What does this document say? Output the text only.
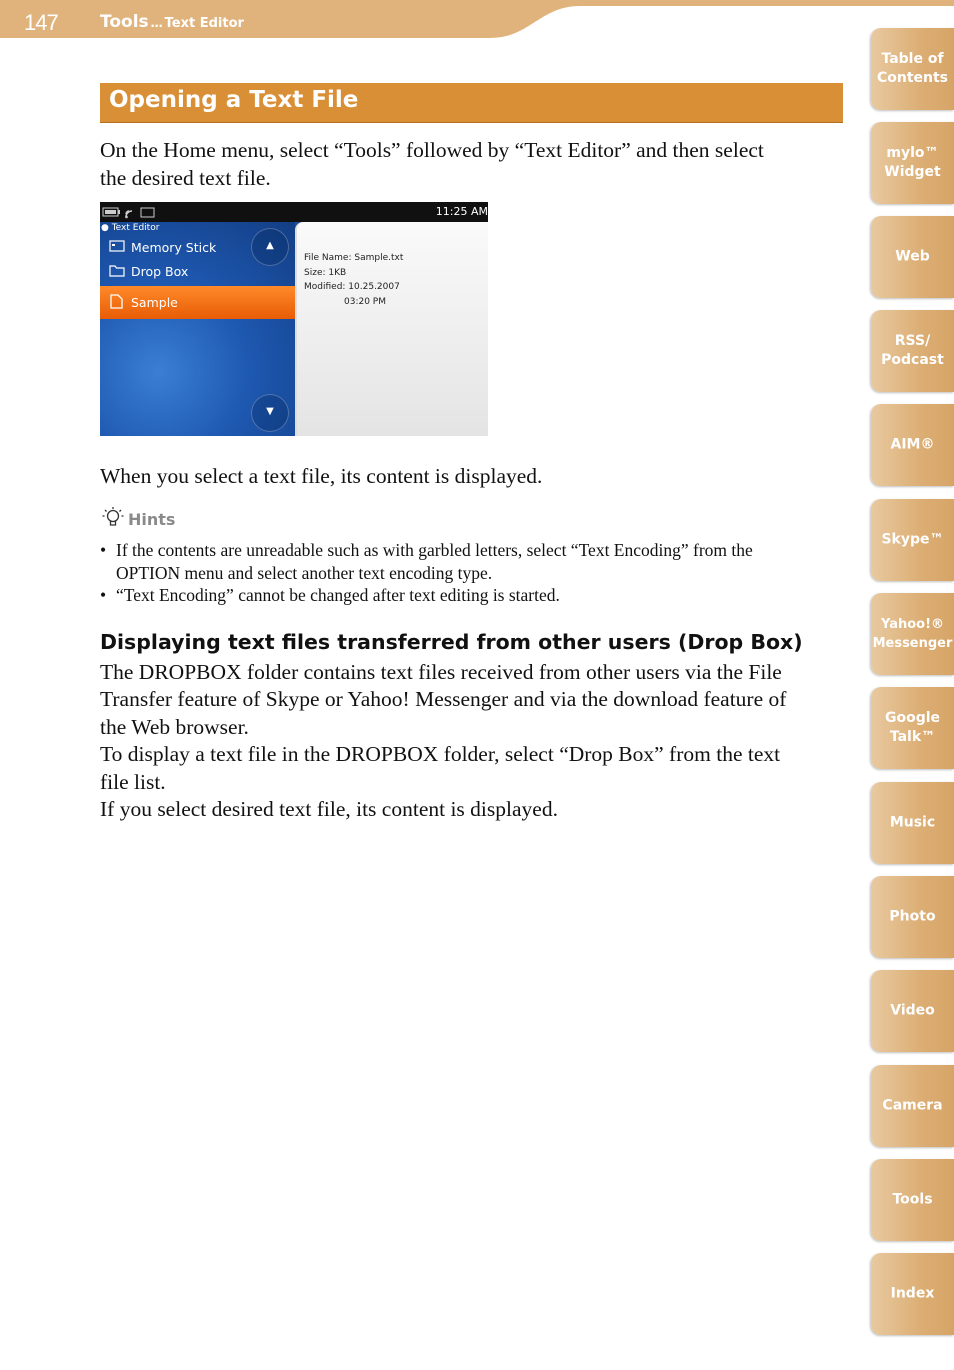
147 Tools … Text Editor
Opening a Text File
On the Home menu, select “Tools” followed by “Text Editor” and then select
the desired text file.
11:25 AM
● Text Editor
Memory Stick
Drop Box
Sample
▲
▼
File Name: Sample.txt
Size: 1KB
Modified: 10.25.2007
03:20 PM
When you select a text file, its content is displayed.
Hints
• If the contents are unreadable such as with garbled letters, select “Text Encoding” from the
OPTION menu and select another text encoding type.
• “Text Encoding” cannot be changed after text editing is started.
Displaying text files transferred from other users (Drop Box)
The DROPBOX folder contains text files received from other users via the File
Transfer feature of Skype or Yahoo! Messenger and via the download feature of
the Web browser.
To display a text file in the DROPBOX folder, select “Drop Box” from the text
file list.
If you select desired text file, its content is displayed.
Table of
Contents
mylo™
Widget
Web
RSS/
Podcast
AIM®
Skype™
Yahoo!®
Messenger
Google
Talk™
Music
Photo
Video
Camera
Tools
Index
